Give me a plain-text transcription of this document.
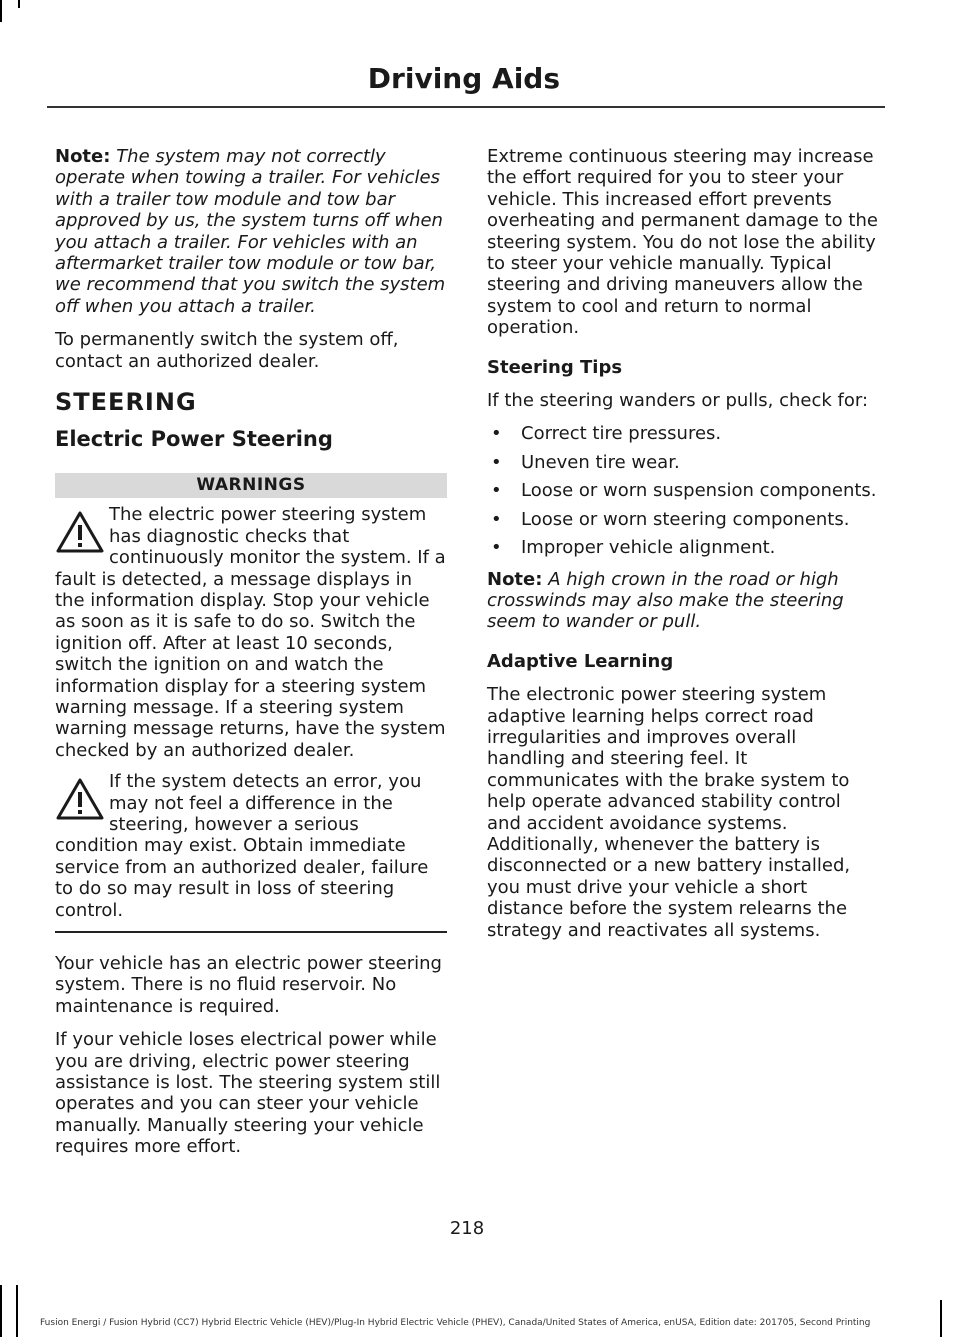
Driving Aids

Note: The system may not correctly operate when towing a trailer. For vehicles with a trailer tow module and tow bar approved by us, the system turns off when you attach a trailer. For vehicles with an aftermarket trailer tow module or tow bar, we recommend that you switch the system off when you attach a trailer.

To permanently switch the system off, contact an authorized dealer.

STEERING
Electric Power Steering
WARNINGS
The electric power steering system has diagnostic checks that continuously monitor the system. If a fault is detected, a message displays in the information display. Stop your vehicle as soon as it is safe to do so. Switch the ignition off. After at least 10 seconds, switch the ignition on and watch the information display for a steering system warning message. If a steering system warning message returns, have the system checked by an authorized dealer.
If the system detects an error, you may not feel a difference in the steering, however a serious condition may exist. Obtain immediate service from an authorized dealer, failure to do so may result in loss of steering control.

Your vehicle has an electric power steering system. There is no fluid reservoir. No maintenance is required.

If your vehicle loses electrical power while you are driving, electric power steering assistance is lost. The steering system still operates and you can steer your vehicle manually. Manually steering your vehicle requires more effort.

Extreme continuous steering may increase the effort required for you to steer your vehicle. This increased effort prevents overheating and permanent damage to the steering system. You do not lose the ability to steer your vehicle manually. Typical steering and driving maneuvers allow the system to cool and return to normal operation.

Steering Tips

If the steering wanders or pulls, check for:

• Correct tire pressures.
• Uneven tire wear.
• Loose or worn suspension components.
• Loose or worn steering components.
• Improper vehicle alignment.

Note: A high crown in the road or high crosswinds may also make the steering seem to wander or pull.

Adaptive Learning

The electronic power steering system adaptive learning helps correct road irregularities and improves overall handling and steering feel. It communicates with the brake system to help operate advanced stability control and accident avoidance systems. Additionally, whenever the battery is disconnected or a new battery installed, you must drive your vehicle a short distance before the system relearns the strategy and reactivates all systems.

218
Fusion Energi / Fusion Hybrid (CC7) Hybrid Electric Vehicle (HEV)/Plug-In Hybrid Electric Vehicle (PHEV), Canada/United States of America, enUSA, Edition date: 201705, Second Printing
